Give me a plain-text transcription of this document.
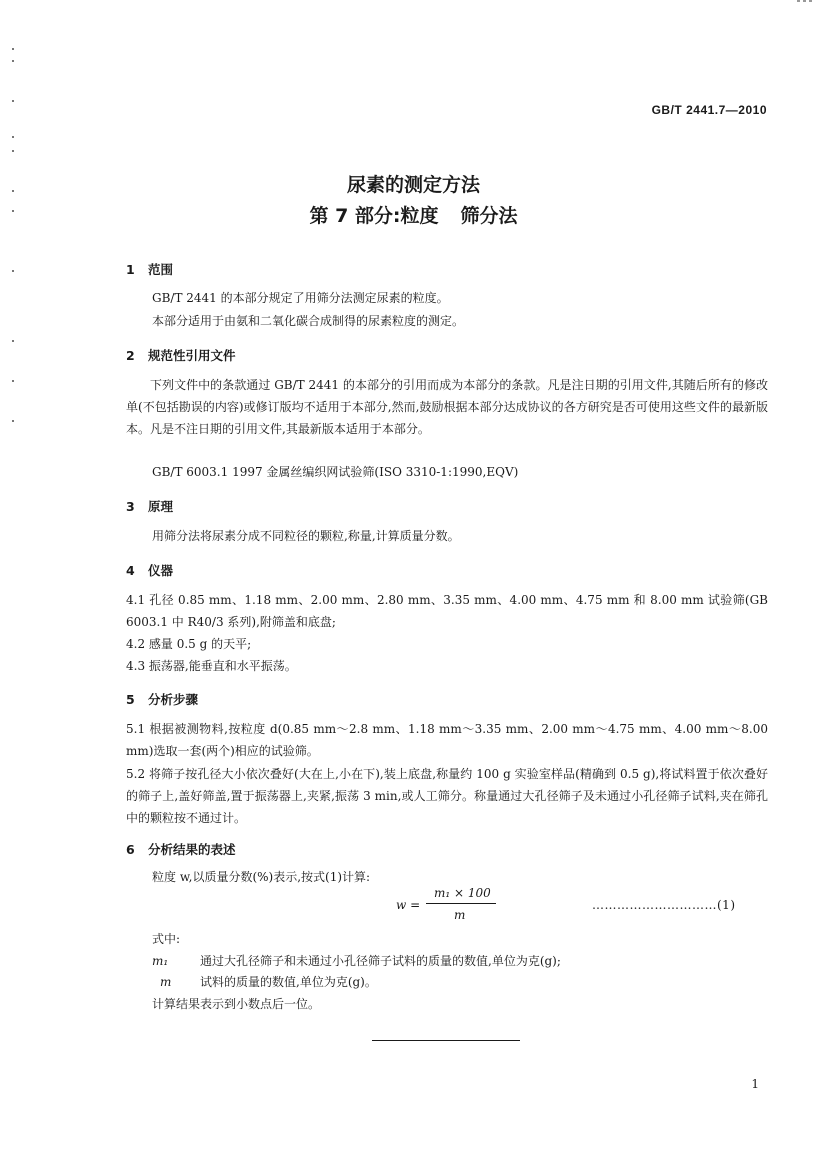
GB/T 2441.7—2010
尿素的测定方法
第 7 部分:粒度 筛分法
1 范围
GB/T 2441 的本部分规定了用筛分法测定尿素的粒度。
本部分适用于由氨和二氧化碳合成制得的尿素粒度的测定。
2 规范性引用文件
下列文件中的条款通过 GB/T 2441 的本部分的引用而成为本部分的条款。凡是注日期的引用文件,其随后所有的修改单(不包括勘误的内容)或修订版均不适用于本部分,然而,鼓励根据本部分达成协议的各方研究是否可使用这些文件的最新版本。凡是不注日期的引用文件,其最新版本适用于本部分。
GB/T 6003.1 1997 金属丝编织网试验筛(ISO 3310-1:1990,EQV)
3 原理
用筛分法将尿素分成不同粒径的颗粒,称量,计算质量分数。
4 仪器
4.1 孔径 0.85 mm、1.18 mm、2.00 mm、2.80 mm、3.35 mm、4.00 mm、4.75 mm 和 8.00 mm 试验筛(GB 6003.1 中 R40/3 系列),附筛盖和底盘;
4.2 感量 0.5 g 的天平;
4.3 振荡器,能垂直和水平振荡。
5 分析步骤
5.1 根据被测物料,按粒度 d(0.85 mm～2.8 mm、1.18 mm～3.35 mm、2.00 mm～4.75 mm、4.00 mm～8.00 mm)选取一套(两个)相应的试验筛。
5.2 将筛子按孔径大小依次叠好(大在上,小在下),装上底盘,称量约 100 g 实验室样品(精确到 0.5 g),将试料置于依次叠好的筛子上,盖好筛盖,置于振荡器上,夹紧,振荡 3 min,或人工筛分。称量通过大孔径筛子及未通过小孔径筛子试料,夹在筛孔中的颗粒按不通过计。
6 分析结果的表述
粒度 w,以质量分数(%)表示,按式(1)计算:
w =
m₁ × 100
m
…………………………(1)
式中:
m₁	通过大孔径筛子和未通过小孔径筛子试料的质量的数值,单位为克(g);
m 试料的质量的数值,单位为克(g)。
计算结果表示到小数点后一位。
1
